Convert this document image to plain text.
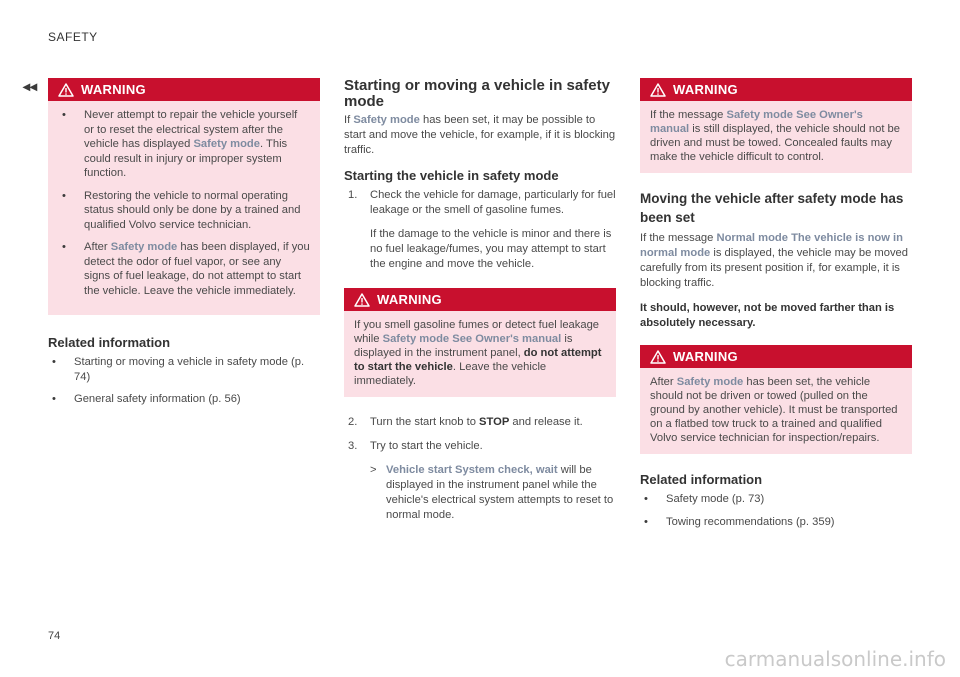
SAFETY
◂◂	WARNING
• Never attempt to repair the vehicle yourself or to reset the electrical system after the vehicle has displayed Safety mode. This could result in injury or improper system function.
• Restoring the vehicle to normal operating status should only be done by a trained and qualified Volvo service technician.
• After Safety mode has been displayed, if you detect the odor of fuel vapor, or see any signs of fuel leakage, do not attempt to start the vehicle. Leave the vehicle immediately.
Related information
• Starting or moving a vehicle in safety mode (p. 74)
• General safety information (p. 56)
Starting or moving a vehicle in safety mode

If Safety mode has been set, it may be possible to start and move the vehicle, for example, if it is blocking traffic.

Starting the vehicle in safety mode
1. Check the vehicle for damage, particularly for fuel leakage or the smell of gasoline fumes.
If the damage to the vehicle is minor and there is no fuel leakage/fumes, you may attempt to start the engine and move the vehicle.
WARNING

If you smell gasoline fumes or detect fuel leakage while Safety mode See Owner's manual is displayed in the instrument panel, do not attempt to start the vehicle. Leave the vehicle immediately.

2. Turn the start knob to STOP and release it.
3. Try to start the vehicle.
> Vehicle start System check, wait will be displayed in the instrument panel while the vehicle's electrical system attempts to reset to normal mode.
WARNING

If the message Safety mode See Owner's manual is still displayed, the vehicle should not be driven and must be towed. Concealed faults may make the vehicle difficult to control.

Moving the vehicle after safety mode has been set

If the message Normal mode The vehicle is now in normal mode is displayed, the vehicle may be moved carefully from its present position if, for example, it is blocking traffic.

It should, however, not be moved farther than is absolutely necessary.

WARNING

After Safety mode has been set, the vehicle should not be driven or towed (pulled on the ground by another vehicle). It must be transported on a flatbed tow truck to a trained and qualified Volvo service technician for inspection/repairs.

Related information
• Safety mode (p. 73)
• Towing recommendations (p. 359)
74
carmanualsonline.info
